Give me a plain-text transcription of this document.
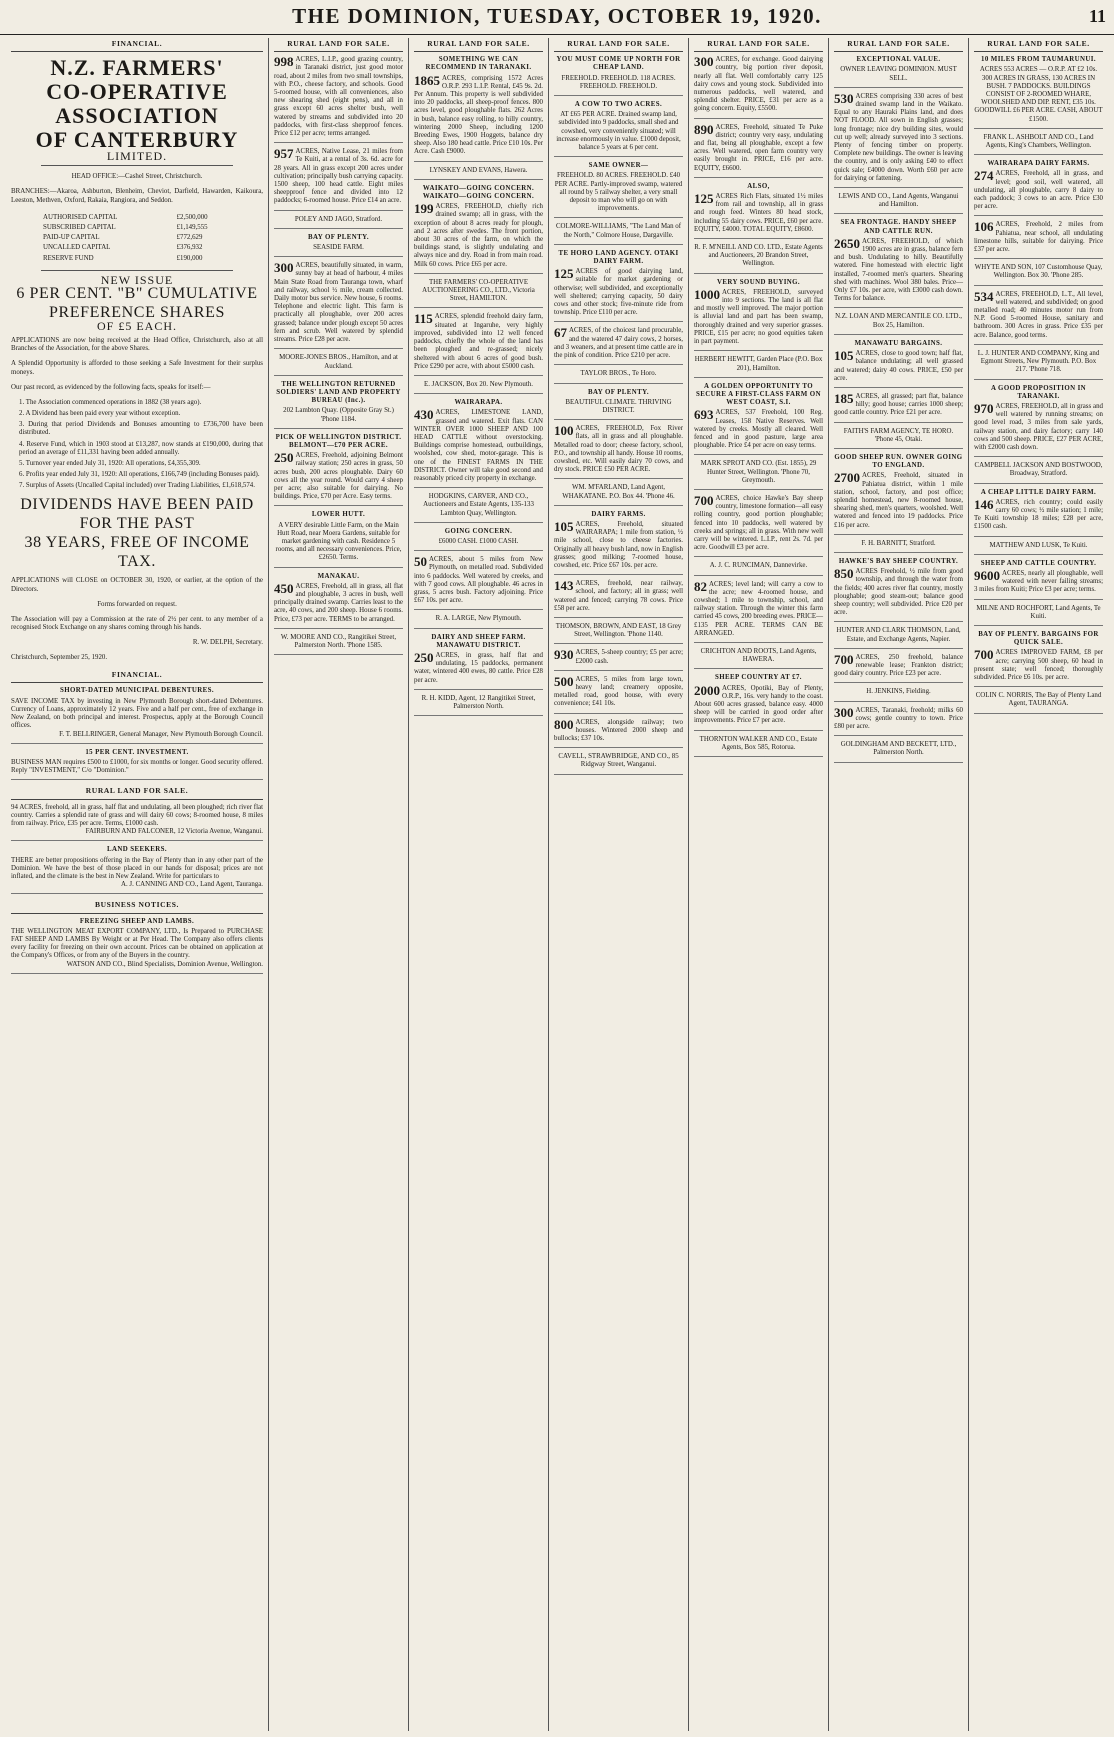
THE DOMINION, TUESDAY, OCTOBER 19, 1920.	11
FINANCIAL.
N.Z. FARMERS'
CO-OPERATIVE ASSOCIATION
OF CANTERBURY
LIMITED.

HEAD OFFICE:—Cashel Street, Christchurch.

BRANCHES:—Akaroa, Ashburton, Blenheim, Cheviot, Darfield, Hawarden, Kaikoura, Leeston, Methven, Oxford, Rakaia, Rangiora, and Seddon.

AUTHORISED CAPITAL	£2,500,000
SUBSCRIBED CAPITAL	£1,149,555
PAID-UP CAPITAL	£772,629
UNCALLED CAPITAL	£376,932
RESERVE FUND	£190,000
NEW ISSUE
6 PER CENT. "B" CUMULATIVE
PREFERENCE SHARES
OF £5 EACH.

APPLICATIONS are now being received at the Head Office, Christchurch, also at all Branches of the Association, for the above Shares.

A Splendid Opportunity is afforded to those seeking a Safe Investment for their surplus moneys.

Our past record, as evidenced by the following facts, speaks for itself:—

1. The Association commenced operations in 1882 (38 years ago).

2. A Dividend has been paid every year without exception.

3. During that period Dividends and Bonuses amounting to £736,700 have been distributed.

4. Reserve Fund, which in 1903 stood at £13,287, now stands at £190,000, during that period an average of £11,331 having been added annually.

5. Turnover year ended July 31, 1920: All operations, £4,355,309.

6. Profits year ended July 31, 1920: All operations, £166,749 (including Bonuses paid).

7. Surplus of Assets (Uncalled Capital included) over Trading Liabilities, £1,618,574.

DIVIDENDS HAVE BEEN PAID FOR THE PAST
38 YEARS, FREE OF INCOME TAX.

APPLICATIONS will CLOSE on OCTOBER 30, 1920, or earlier, at the option of the Directors.

Forms forwarded on request.

The Association will pay a Commission at the rate of 2½ per cent. to any member of a recognised Stock Exchange on any shares coming through his hands.

R. W. DELPH, Secretary.

Christchurch, September 25, 1920.

FINANCIAL.

SHORT-DATED MUNICIPAL DEBENTURES.

SAVE INCOME TAX by investing in New Plymouth Borough short-dated Debentures. Currency of Loans, approximately 12 years. Five and a half per cent., free of exchange in New Zealand, on both principal and interest. Prospectus, apply at the Borough Council offices.

F. T. BELLRINGER, General Manager, New Plymouth Borough Council.

15 PER CENT. INVESTMENT.

BUSINESS MAN requires £500 to £1000, for six months or longer. Good security offered. Reply "INVESTMENT," C/o "Dominion."

RURAL LAND FOR SALE.

94 ACRES, freehold, all in grass, half flat and undulating, all been ploughed; rich river flat country. Carries a splendid rate of grass and will dairy 60 cows; 8-roomed house, 8 miles from railway. Price, £35 per acre. Terms, £1000 cash.

FAIRBURN AND FALCONER, 12 Victoria Avenue, Wanganui.

LAND SEEKERS.

THERE are better propositions offering in the Bay of Plenty than in any other part of the Dominion. We have the best of those placed in our hands for disposal; prices are not inflated, and the climate is the best in New Zealand. Write for particulars to

A. J. CANNING AND CO., Land Agent, Tauranga.

BUSINESS NOTICES.

FREEZING SHEEP AND LAMBS.

THE WELLINGTON MEAT EXPORT COMPANY, LTD., Is Prepared to PURCHASE FAT SHEEP AND LAMBS By Weight or at Per Head. The Company also offers clients every facility for freezing on their own account. Prices can be obtained on application at the Company's Offices, or from any of the Buyers in the country.

WATSON AND CO., Blind Specialists, Dominion Avenue, Wellington.

RURAL LAND FOR SALE.

998 ACRES, L.I.P., good grazing country, in Taranaki district, just good motor road, about 2 miles from two small townships, with P.O., cheese factory, and schools. Good 5-roomed house, with all conveniences, also new shearing shed (eight pens), and all in grass except 60 acres shelter bush, well watered by streams and subdivided into 20 paddocks, with first-class shepproof fences. Price £12 per acre; terms arranged.

957 ACRES, Native Lease, 21 miles from Te Kuiti, at a rental of 3s. 6d. acre for 28 years. All in grass except 200 acres under cultivation; principally bush carrying capacity. 1500 sheep, 100 head cattle. Eight miles sheepproof fence and divided into 12 paddocks; 6-roomed house. Price £14 an acre.

POLEY AND JAGO, Stratford.

BAY OF PLENTY.

SEASIDE FARM.

300 ACRES, beautifully situated, in warm, sunny bay at head of harbour, 4 miles Main State Road from Tauranga town, wharf and railway, school ½ mile, cream collected. Daily motor bus service. New house, 6 rooms. Telephone and electric light. This farm is practically all ploughable, over 200 acres grassed; balance under plough except 50 acres fern and scrub. Well watered by splendid streams. Price £28 per acre.

MOORE-JONES BROS., Hamilton, and at Auckland.

THE WELLINGTON RETURNED SOLDIERS' LAND AND PROPERTY BUREAU (Inc.).

202 Lambton Quay. (Opposite Gray St.) 'Phone 1184.

PICK OF WELLINGTON DISTRICT. BELMONT—£70 PER ACRE.

250 ACRES, Freehold, adjoining Belmont railway station; 250 acres in grass, 50 acres bush, 200 acres ploughable. Dairy 60 cows all the year round. Would carry 4 sheep per acre; also suitable for dairying. No buildings. Price, £70 per Acre. Easy terms.

LOWER HUTT.

A VERY desirable Little Farm, on the Main Hutt Road, near Moera Gardens, suitable for market gardening with cash. Residence 5 rooms, and all necessary conveniences. Price, £2650. Terms.

MANAKAU.

450 ACRES, Freehold, all in grass, all flat and ploughable, 3 acres in bush, well principally drained swamp. Carries least to the acre, 40 cows, and 200 sheep. House 6 rooms. Price, £73 per acre. TERMS to be arranged.

W. MOORE AND CO., Rangitikei Street, Palmerston North. 'Phone 1585.

RURAL LAND FOR SALE.

SOMETHING WE CAN RECOMMEND IN TARANAKI.

1865 ACRES, comprising 1572 Acres O.R.P. 293 L.I.P. Rental, £45 9s. 2d. Per Annum. This property is well subdivided into 20 paddocks, all sheep-proof fences. 800 acres level, good ploughable flats. 262 Acres in bush, balance easy rolling, to hilly country, wintering 2000 Sheep, including 1200 Breeding Ewes, 1900 Hoggets, balance dry sheep. Also 180 head cattle. Price £10 10s. Per Acre. Cash £9000.

LYNSKEY AND EVANS, Hawera.

WAIKATO—GOING CONCERN. WAIKATO—GOING CONCERN.

199 ACRES, FREEHOLD, chiefly rich drained swamp; all in grass, with the exception of about 8 acres ready for plough, and 2 acres after swedes. The front portion, about 30 acres of the farm, on which the buildings stand, is slightly undulating and always nice and dry. Road in from main road. Milk 60 cows. Price £65 per acre.

THE FARMERS' CO-OPERATIVE AUCTIONEERING CO., LTD., Victoria Street, HAMILTON.

115 ACRES, splendid freehold dairy farm, situated at Ingaruhe, very highly improved, subdivided into 12 well fenced paddocks, chiefly the whole of the land has been ploughed and re-grassed; nicely sheltered with about 6 acres of good bush. Price £290 per acre, with about £5000 cash.

E. JACKSON, Box 20. New Plymouth.

WAIRARAPA.

430 ACRES, LIMESTONE LAND, grassed and watered. Exit flats. CAN WINTER OVER 1000 SHEEP AND 100 HEAD CATTLE without overstocking. Buildings comprise homestead, outbuildings, woolshed, cow shed, motor-garage. This is one of the FINEST FARMS IN THE DISTRICT. Owner will take good second and reasonably priced city property in exchange.

HODGKINS, CARVER, AND CO., Auctioneers and Estate Agents, 135-133 Lambton Quay, Wellington.

GOING CONCERN.

£6000 CASH. £1000 CASH.

50 ACRES, about 5 miles from New Plymouth, on metalled road. Subdivided into 6 paddocks. Well watered by creeks, and with 7 good cows. All ploughable. 46 acres in grass, 5 acres bush. Factory adjoining. Price £67 10s. per acre.

R. A. LARGE, New Plymouth.

DAIRY AND SHEEP FARM. MANAWATU DISTRICT.

250 ACRES, in grass, half flat and undulating, 15 paddocks, permanent water, wintered 400 ewes, 80 cattle. Price £28 per acre.

R. H. KIDD, Agent, 12 Rangitikei Street, Palmerston North.

RURAL LAND FOR SALE.

YOU MUST COME UP NORTH FOR CHEAP LAND.

FREEHOLD. FREEHOLD. 118 ACRES. FREEHOLD. FREEHOLD.

A COW TO TWO ACRES.

AT £65 PER ACRE. Drained swamp land, subdivided into 9 paddocks, small shed and cowshed, very conveniently situated; will increase enormously in value. £1000 deposit, balance 5 years at 6 per cent.

SAME OWNER—

FREEHOLD. 80 ACRES. FREEHOLD. £40 PER ACRE. Partly-improved swamp, watered all round by 5 railway shelter, a very small deposit to man who will go on with improvements.

COLMORE-WILLIAMS, "The Land Man of the North," Colmore House, Dargaville.

TE HORO LAND AGENCY. OTAKI DAIRY FARM.

125 ACRES of good dairying land, suitable for market gardening or otherwise; well subdivided, and exceptionally well sheltered; carrying capacity, 50 dairy cows and other stock; five-minute ride from township. Price £110 per acre.

67 ACRES, of the choicest land procurable, and the watered 47 dairy cows, 2 horses, and 3 weaners, and at present time cattle are in the pink of condition. Price £210 per acre.

TAYLOR BROS., Te Horo.

BAY OF PLENTY.

BEAUTIFUL CLIMATE. THRIVING DISTRICT.

100 ACRES, FREEHOLD, Fox River flats, all in grass and all ploughable. Metalled road to door; cheese factory, school, P.O., and township all handy. House 10 rooms, cowshed, etc. Will easily dairy 70 cows, and dry stock. PRICE £50 PER ACRE.

WM. M'FARLAND, Land Agent, WHAKATANE. P.O. Box 44. 'Phone 46.

DAIRY FARMS.

105 ACRES, Freehold, situated WAIRARAPA; 1 mile from station, ½ mile school, close to cheese factories. Originally all heavy bush land, now in English grasses; good milking; 7-roomed house, cowshed, etc. Price £67 10s. per acre.

143 ACRES, freehold, near railway, school, and factory; all in grass; well watered and fenced; carrying 78 cows. Price £58 per acre.

THOMSON, BROWN, AND EAST, 18 Grey Street, Wellington. 'Phone 1140.

930 ACRES, 5-sheep country; £5 per acre; £2000 cash.

500 ACRES, 5 miles from large town, heavy land; creamery opposite, metalled road, good house, with every convenience; £41 10s.

800 ACRES, alongside railway; two houses. Wintered 2000 sheep and bullocks; £37 10s.

CAVELL, STRAWBRIDGE, AND CO., 85 Ridgway Street, Wanganui.

RURAL LAND FOR SALE.

300 ACRES, for exchange. Good dairying country, big portion river deposit, nearly all flat. Well comfortably carry 125 dairy cows and young stock. Subdivided into numerous paddocks, well watered, and splendid shelter. PRICE, £31 per acre as a going concern. Equity, £5500.

890 ACRES, Freehold, situated Te Puke district; country very easy, undulating and flat, being all ploughable, except a few acres. Well watered, open farm country very easily brought in. PRICE, £16 per acre. EQUITY, £6600.

ALSO,

125 ACRES Rich Flats, situated 1½ miles from rail and township, all in grass and rough feed. Winters 80 head stock, including 55 dairy cows. PRICE, £60 per acre. EQUITY, £4000. TOTAL EQUITY, £8600.

R. F. M'NEILL AND CO. LTD., Estate Agents and Auctioneers, 20 Brandon Street, Wellington.

VERY SOUND BUYING.

1000 ACRES, FREEHOLD, surveyed into 9 sections. The land is all flat and mostly well improved. The major portion is alluvial land and part has been swamp, thoroughly drained and very superior grasses. PRICE, £15 per acre; no good equities taken in part payment.

HERBERT HEWITT, Garden Place (P.O. Box 201), Hamilton.

A GOLDEN OPPORTUNITY TO SECURE A FIRST-CLASS FARM ON WEST COAST, S.I.

693 ACRES, 537 Freehold, 100 Reg. Leases, 158 Native Reserves. Well watered by creeks. Mostly all cleared. Well fenced and in good pasture, large area ploughable. Price £4 per acre on easy terms.

MARK SPROT AND CO. (Est. 1855), 29 Hunter Street, Wellington. 'Phone 70, Greymouth.

700 ACRES, choice Hawke's Bay sheep country, limestone formation—all easy rolling country, good portion ploughable; fenced into 10 paddocks, well watered by creeks and springs; all in grass. With new well carry will be wintered. L.I.P., rent 2s. 7d. per acre. Goodwill £3 per acre.

A. J. C. RUNCIMAN, Dannevirke.

82 ACRES; level land; will carry a cow to the acre; new 4-roomed house, and cowshed; 1 mile to township, school, and railway station. Through the winter this farm carried 45 cows, 200 breeding ewes. PRICE—£135 PER ACRE. TERMS CAN BE ARRANGED.

CRICHTON AND ROOTS, Land Agents, HAWERA.

SHEEP COUNTRY AT £7.

2000 ACRES, Opotiki, Bay of Plenty, O.R.P., 16s. very handy to the coast. About 600 acres grassed, balance easy. 4000 sheep will be carried in good order after improvements. Price £7 per acre.

THORNTON WALKER AND CO., Estate Agents, Box 585, Rotorua.

RURAL LAND FOR SALE.

EXCEPTIONAL VALUE.

OWNER LEAVING DOMINION. MUST SELL.

530 ACRES comprising 330 acres of best drained swamp land in the Waikato. Equal to any Hauraki Plains land, and does NOT FLOOD. All sown in English grasses; long frontage; nice dry building sites, would cut up well; already surveyed into 3 sections. Plenty of fencing timber on property. Complete new buildings. The owner is leaving the country, and is only asking £40 to effect quick sale; £4000 down. Worth £60 per acre for dairying or fattening.

LEWIS AND CO., Land Agents, Wanganui and Hamilton.

SEA FRONTAGE. HANDY SHEEP AND CATTLE RUN.

2650 ACRES, FREEHOLD, of which 1900 acres are in grass, balance fern and bush. Undulating to hilly. Beautifully watered. Fine homestead with electric light installed, 7-roomed men's quarters. Shearing shed with machines. Wool 380 bales. Price—Only £7 10s. per acre, with £3000 cash down. Terms for balance.

N.Z. LOAN AND MERCANTILE CO. LTD., Box 25, Hamilton.

MANAWATU BARGAINS.

105 ACRES, close to good town; half flat, balance undulating; all well grassed and watered; dairy 40 cows. PRICE, £50 per acre.

185 ACRES, all grassed; part flat, balance hilly; good house; carries 1000 sheep; good cattle country. Price £21 per acre.

FAITH'S FARM AGENCY, TE HORO. 'Phone 45, Otaki.

GOOD SHEEP RUN. OWNER GOING TO ENGLAND.

2700 ACRES, Freehold, situated in Pahiatua district, within 1 mile station, school, factory, and post office; splendid homestead, new 8-roomed house, shearing shed, men's quarters, woolshed. Well watered and fenced into 19 paddocks. Price £16 per acre.

F. H. BARNITT, Stratford.

HAWKE'S BAY SHEEP COUNTRY.

850 ACRES Freehold, ½ mile from good township, and through the water from the fields; 400 acres river flat country, mostly ploughable; good steam-out; balance good sheep country; well subdivided. Price £20 per acre.

HUNTER AND CLARK THOMSON, Land, Estate, and Exchange Agents, Napier.

700 ACRES, 250 freehold, balance renewable lease; Frankton district; good dairy country. Price £23 per acre.

H. JENKINS, Fielding.

300 ACRES, Taranaki, freehold; milks 60 cows; gentle country to town. Price £80 per acre.

GOLDINGHAM AND BECKETT, LTD., Palmerston North.

RURAL LAND FOR SALE.

10 MILES FROM TAUMARUNUI.

ACRES 553 ACRES — O.R.P. AT £2 10s. 300 ACRES IN GRASS, 130 ACRES IN BUSH. 7 PADDOCKS. BUILDINGS CONSIST OF 2-ROOMED WHARE, WOOLSHED AND DIP. RENT, £35 10s. GOODWILL £6 PER ACRE. CASH, ABOUT £1500.

FRANK L. ASHBOLT AND CO., Land Agents, King's Chambers, Wellington.

WAIRARAPA DAIRY FARMS.

274 ACRES, Freehold, all in grass, and level; good soil, well watered, all undulating, all ploughable, carry 8 dairy to each paddock; 3 cows to an acre. Price £30 per acre.

106 ACRES, Freehold, 2 miles from Pahiatua, near school, all undulating limestone hills, suitable for dairying. Price £37 per acre.

WHYTE AND SON, 107 Customhouse Quay, Wellington. Box 30. 'Phone 285.

534 ACRES, FREEHOLD, L.T., All level, well watered, and subdivided; on good metalled road; 40 minutes motor run from N.P. Good 5-roomed House, sanitary and bathroom. 300 Acres in grass. Price £35 per acre. Balance, good terms.

L. J. HUNTER AND COMPANY, King and Egmont Streets, New Plymouth. P.O. Box 217. 'Phone 718.

A GOOD PROPOSITION IN TARANAKI.

970 ACRES, FREEHOLD, all in grass and well watered by running streams; on good level road, 3 miles from sale yards, railway station, and dairy factory; carry 140 cows and 500 sheep. PRICE, £27 PER ACRE, with £2000 cash down.

CAMPBELL JACKSON AND BOSTWOOD, Broadway, Stratford.

A CHEAP LITTLE DAIRY FARM.

146 ACRES, rich country; could easily carry 60 cows; ½ mile station; 1 mile; Te Kuiti township 18 miles; £28 per acre, £1500 cash.

MATTHEW AND LUSK, Te Kuiti.

SHEEP AND CATTLE COUNTRY.

9600 ACRES, nearly all ploughable, well watered with never failing streams; 3 miles from Kuiti; Price £3 per acre; terms.

MILNE AND ROCHFORT, Land Agents, Te Kuiti.

BAY OF PLENTY. BARGAINS FOR QUICK SALE.

700 ACRES IMPROVED FARM, £8 per acre; carrying 500 sheep, 60 head in present state; well fenced; thoroughly subdivided. Price £6 10s. per acre.

COLIN C. NORRIS, The Bay of Plenty Land Agent, TAURANGA.
